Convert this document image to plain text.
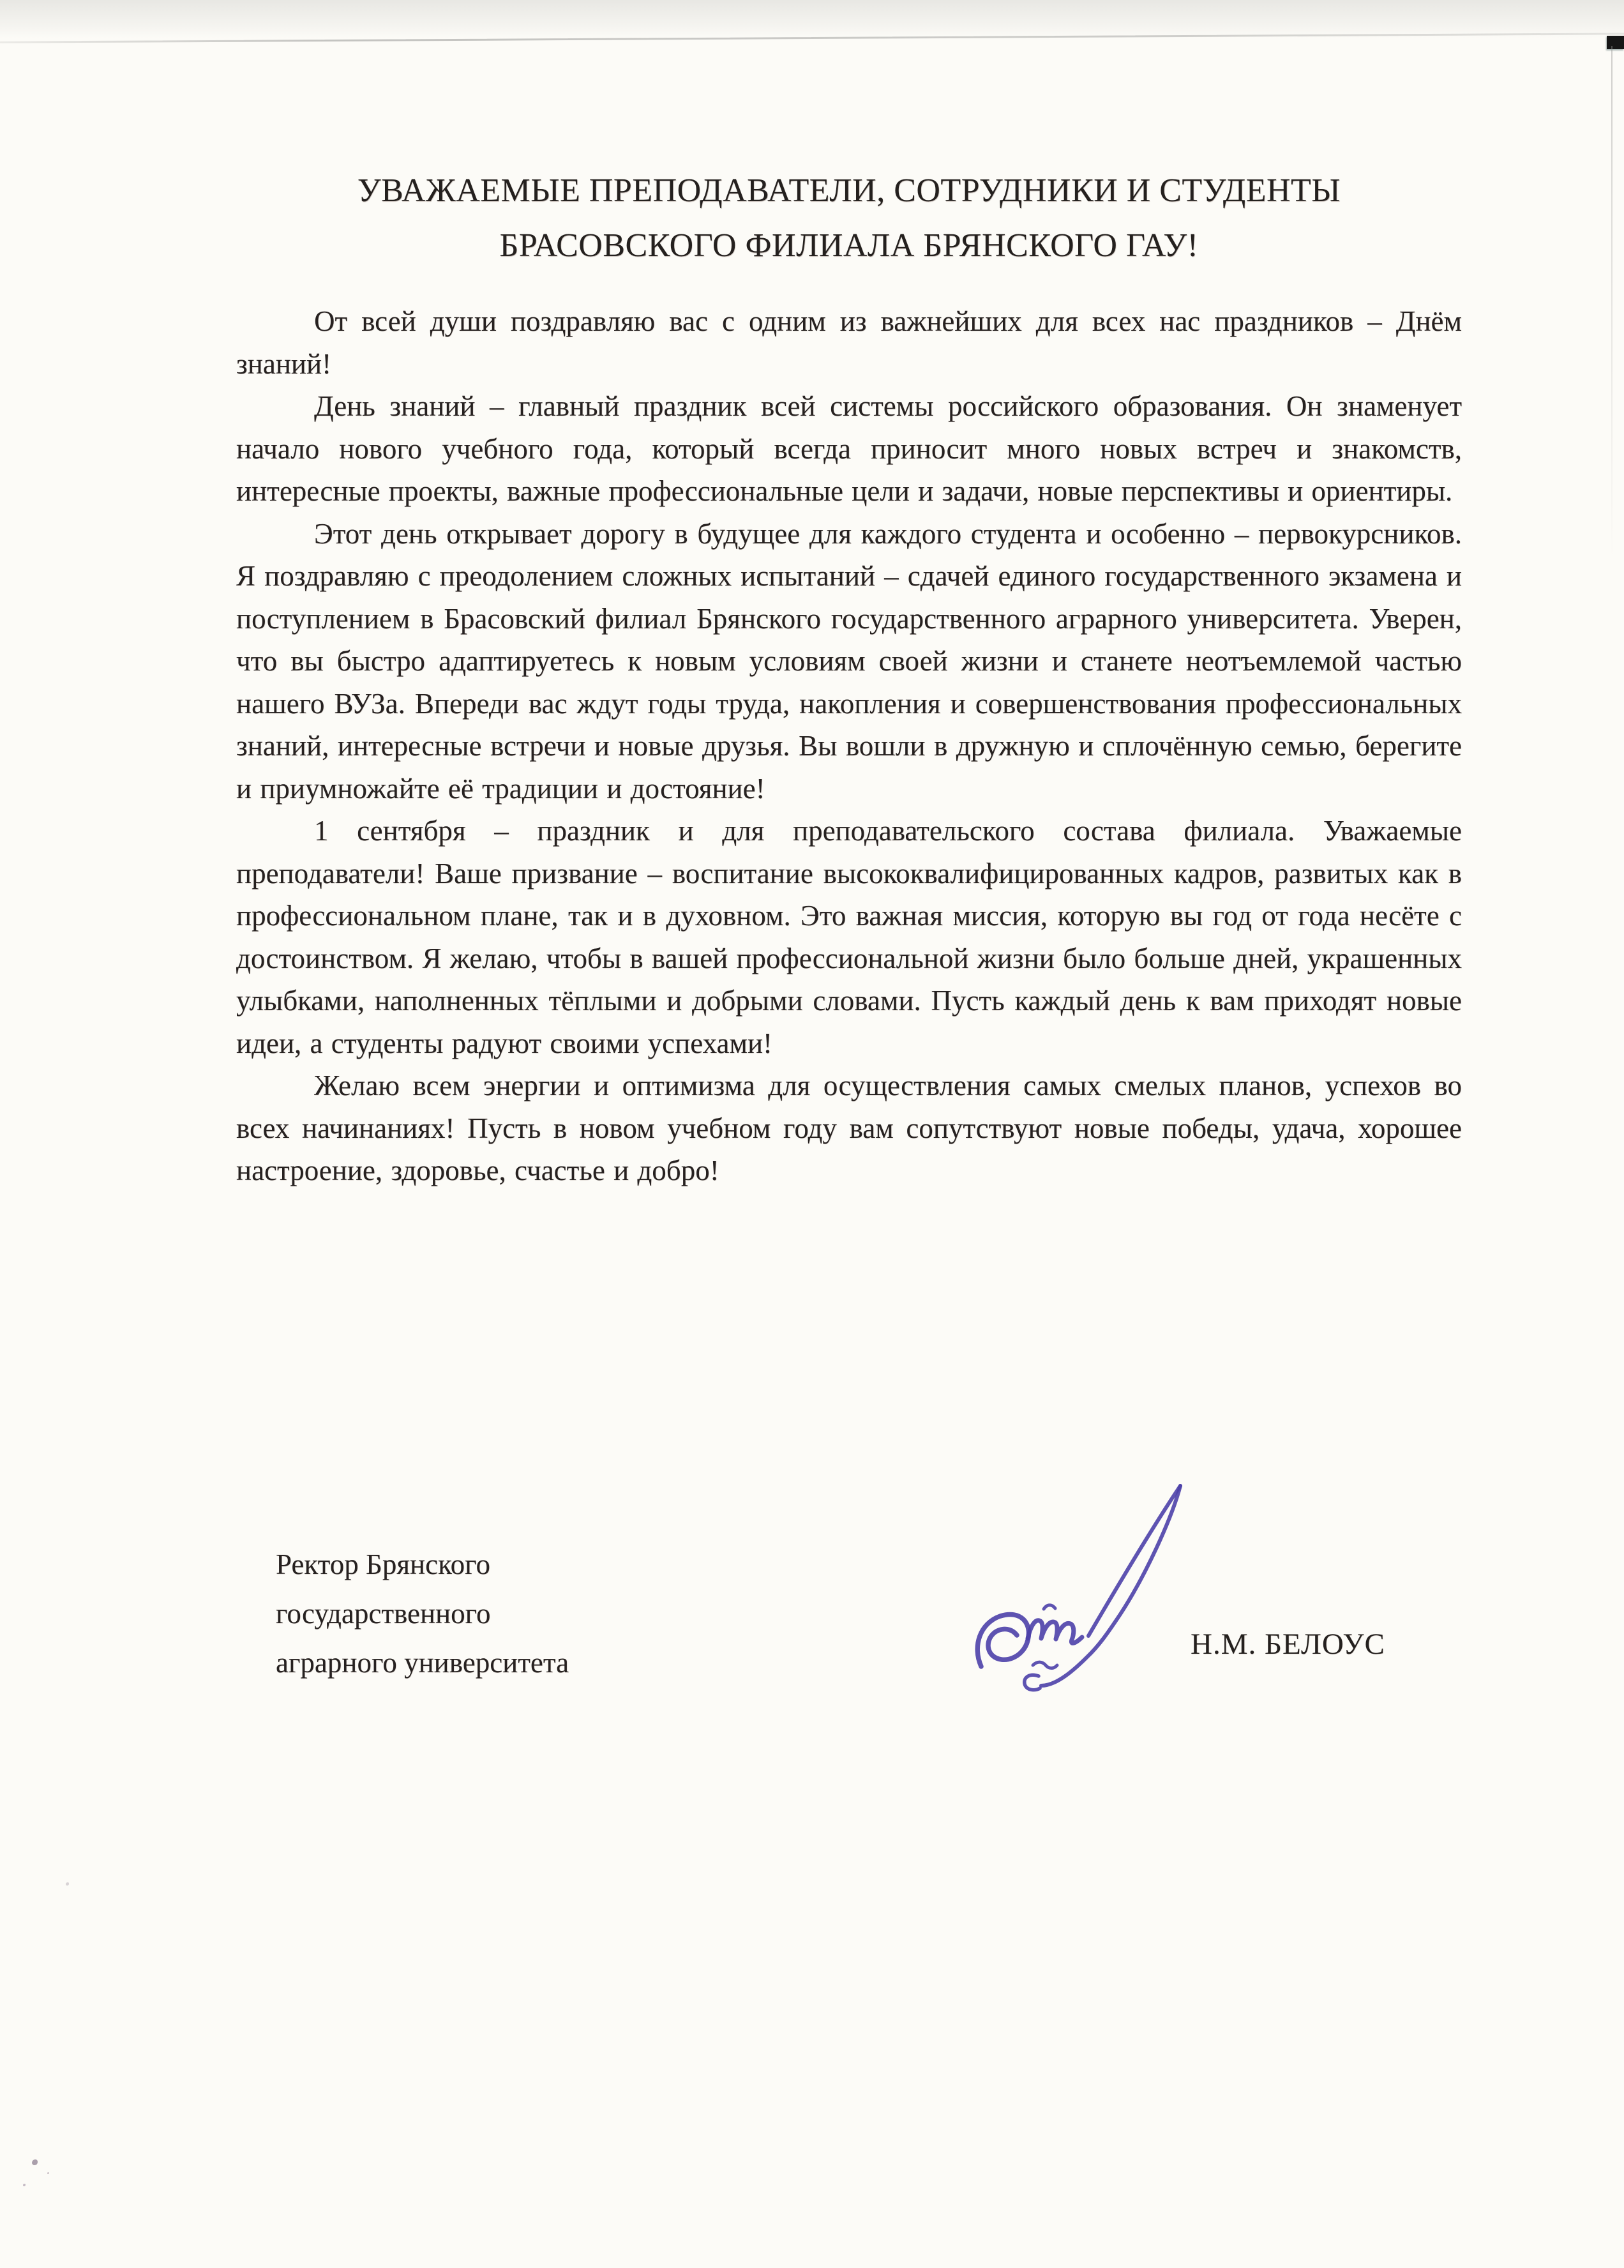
УВАЖАЕМЫЕ ПРЕПОДАВАТЕЛИ, СОТРУДНИКИ И СТУДЕНТЫ
БРАСОВСКОГО ФИЛИАЛА БРЯНСКОГО ГАУ!

От всей души поздравляю вас с одним из важнейших для всех нас праздников – Днём знаний!

День знаний – главный праздник всей системы российского образования. Он знаменует начало нового учебного года, который всегда приносит много новых встреч и знакомств, интересные проекты, важные профессиональные цели и задачи, новые перспективы и ориентиры.

Этот день открывает дорогу в будущее для каждого студента и особенно – первокурсников. Я поздравляю с преодолением сложных испытаний – сдачей единого государственного экзамена и поступлением в Брасовский филиал Брянского государственного аграрного университета. Уверен, что вы быстро адаптируетесь к новым условиям своей жизни и станете неотъемлемой частью нашего ВУЗа. Впереди вас ждут годы труда, накопления и совершенствования профессиональных знаний, интересные встречи и новые друзья. Вы вошли в дружную и сплочённую семью, берегите и приумножайте её традиции и достояние!

1 сентября – праздник и для преподавательского состава филиала. Уважаемые преподаватели! Ваше призвание – воспитание высококвалифицированных кадров, развитых как в профессиональном плане, так и в духовном. Это важная миссия, которую вы год от года несёте с достоинством. Я желаю, чтобы в вашей профессиональной жизни было больше дней, украшенных улыбками, наполненных тёплыми и добрыми словами. Пусть каждый день к вам приходят новые идеи, а студенты радуют своими успехами!

Желаю всем энергии и оптимизма для осуществления самых смелых планов, успехов во всех начинаниях! Пусть в новом учебном году вам сопутствуют новые победы, удача, хорошее настроение, здоровье, счастье и добро!

Ректор Брянского
государственного
аграрного университета
Н.М. БЕЛОУС
